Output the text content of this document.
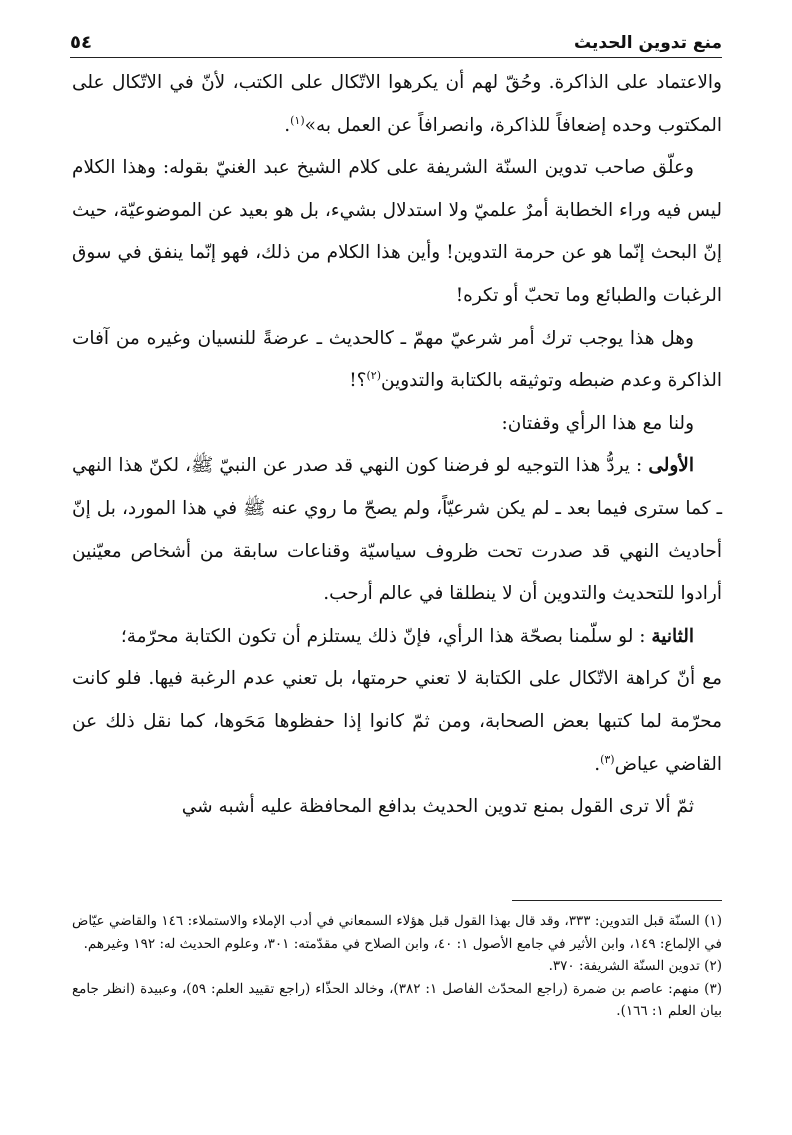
منع تدوين الحديث
٥٤

والاعتماد على الذاكرة. وحُقّ لهم أن يكرهوا الاتّكال على الكتب، لأنّ في الاتّكال على المكتوب وحده إضعافاً للذاكرة، وانصرافاً عن العمل به»$^{(١)}$.

وعلّق صاحب تدوين السنّة الشريفة على كلام الشيخ عبد الغنيّ بقوله: وهذا الكلام ليس فيه وراء الخطابة أمرٌ علميّ ولا استدلال بشيء، بل هو بعيد عن الموضوعيّة، حيث إنّ البحث إنّما هو عن حرمة التدوين! وأين هذا الكلام من ذلك، فهو إنّما ينفق في سوق الرغبات والطبائع وما تحبّ أو تكره!

وهل هذا يوجب ترك أمر شرعيّ مهمّ ـ كالحديث ـ عرضةً للنسيان وغيره من آفات الذاكرة وعدم ضبطه وتوثيقه بالكتابة والتدوين$^{(٢)}$؟!

ولنا مع هذا الرأي وقفتان:

الأولى : يردُّ هذا التوجيه لو فرضنا كون النهي قد صدر عن النبيّ ﷺ، لكنّ هذا النهي ـ كما سترى فيما بعد ـ لم يكن شرعيّاً، ولم يصحّ ما روي عنه ﷺ في هذا المورد، بل إنّ أحاديث النهي قد صدرت تحت ظروف سياسيّة وقناعات سابقة من أشخاص معيّنين أرادوا للتحديث والتدوين أن لا ينطلقا في عالم أرحب.

الثانية : لو سلّمنا بصحّة هذا الرأي، فإنّ ذلك يستلزم أن تكون الكتابة محرّمة؛

مع أنّ كراهة الاتّكال على الكتابة لا تعني حرمتها، بل تعني عدم الرغبة فيها. فلو كانت محرّمة لما كتبها بعض الصحابة، ومن ثمّ كانوا إذا حفظوها مَحَوها، كما نقل ذلك عن القاضي عياض$^{(٣)}$.

ثمّ ألا ترى القول بمنع تدوين الحديث بدافع المحافظة عليه أشبه شي

(١) السنّة قبل التدوين: ٣٣٣، وقد قال بهذا القول قبل هؤلاء السمعاني في أدب الإملاء والاستملاء: ١٤٦ والقاضي عيّاض في الإلماع: ١٤٩، وابن الأثير في جامع الأصول ١: ٤٠، وابن الصلاح في مقدّمته: ٣٠١، وعلوم الحديث له: ١٩٢ وغيرهم.

(٢) تدوين السنّة الشريفة: ٣٧٠.

(٣) منهم: عاصم بن ضمرة (راجع المحدّث الفاصل ١: ٣٨٢)، وخالد الحذّاء (راجع تقييد العلم: ٥٩)، وعبيدة (انظر جامع بيان العلم ١: ١٦٦).
